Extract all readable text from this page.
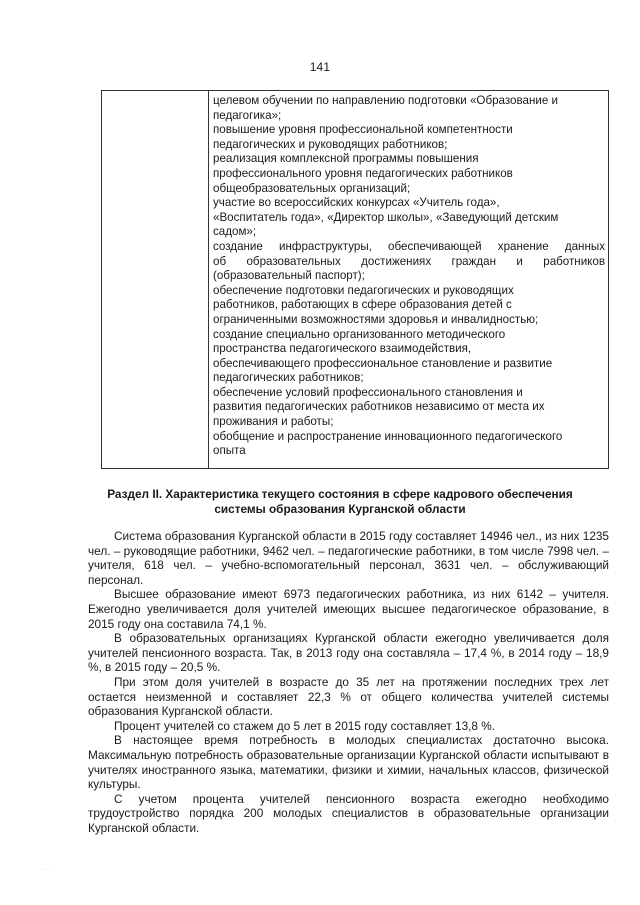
141
целевом обучении по направлению подготовки «Образование и
педагогика»;
повышение уровня профессиональной компетентности
педагогических и руководящих работников;
реализация комплексной программы повышения
профессионального уровня педагогических работников
общеобразовательных организаций;
участие во всероссийских конкурсах «Учитель года»,
«Воспитатель года», «Директор школы», «Заведующий детским
садом»;
создание инфраструктуры, обеспечивающей хранение данных
об образовательных достижениях граждан и работников
(образовательный паспорт);
обеспечение подготовки педагогических и руководящих
работников, работающих в сфере образования детей с
ограниченными возможностями здоровья и инвалидностью;
создание специально организованного методического
пространства педагогического взаимодействия,
обеспечивающего профессиональное становление и развитие
педагогических работников;
обеспечение условий профессионального становления и
развития педагогических работников независимо от места их
проживания и работы;
обобщение и распространение инновационного педагогического
опыта
Раздел II. Характеристика текущего состояния в сфере кадрового обеспечения
системы образования Курганской области
Система образования Курганской области в 2015 году составляет 14946 чел., из них 1235 чел. – руководящие работники, 9462 чел. – педагогические работники, в том числе 7998 чел. – учителя, 618 чел. – учебно-вспомогательный персонал, 3631 чел. – обслуживающий персонал.
Высшее образование имеют 6973 педагогических работника, из них 6142 – учителя. Ежегодно увеличивается доля учителей имеющих высшее педагогическое образование, в 2015 году она составила 74,1 %.
В образовательных организациях Курганской области ежегодно увеличивается доля учителей пенсионного возраста. Так, в 2013 году она составляла – 17,4 %, в 2014 году – 18,9 %, в 2015 году – 20,5 %.
При этом доля учителей в возрасте до 35 лет на протяжении последних трех лет остается неизменной и составляет 22,3 % от общего количества учителей системы образования Курганской области.
Процент учителей со стажем до 5 лет в 2015 году составляет 13,8 %.
В настоящее время потребность в молодых специалистах достаточно высока. Максимальную потребность образовательные организации Курганской области испытывают в учителях иностранного языка, математики, физики и химии, начальных классов, физической культуры.
С учетом процента учителей пенсионного возраста ежегодно необходимо трудоустройство порядка 200 молодых специалистов в образовательные организации Курганской области.
· · ·
